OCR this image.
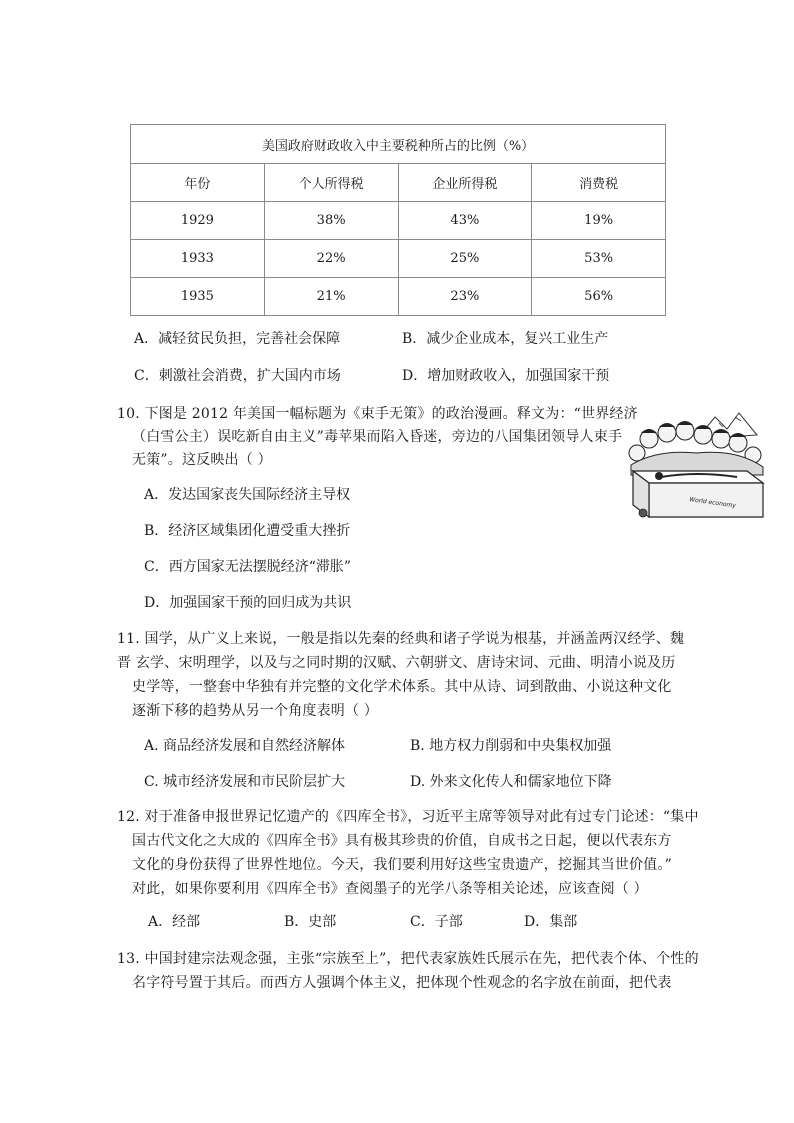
美国政府财政收入中主要税种所占的比例（%）			
年份	个人所得税	企业所得税	消费税
1929	38%	43%	19%
1933	22%	25%	53%
1935	21%	23%	56%
A．减轻贫民负担，完善社会保障	B．减少企业成本，复兴工业生产
C．刺激社会消费，扩大国内市场	D．增加财政收入，加强国家干预
10. 下图是 2012 年美国一幅标题为《束手无策》的政治漫画。释文为：“世界经济
（白雪公主）误吃新自由主义”毒苹果而陷入昏迷，旁边的八国集团领导人束手
无策”。这反映出（ ）
A．发达国家丧失国际经济主导权
B．经济区域集团化遭受重大挫折
C．西方国家无法摆脱经济“滞胀”
D．加强国家干预的回归成为共识
World economy
11. 国学，从广义上来说，一般是指以先秦的经典和诸子学说为根基，并涵盖两汉经学、魏
晋 玄学、宋明理学，以及与之同时期的汉赋、六朝骈文、唐诗宋词、元曲、明清小说及历
史学等，一整套中华独有并完整的文化学术体系。其中从诗、词到散曲、小说这种文化
逐渐下移的趋势从另一个角度表明（ ）
A. 商品经济发展和自然经济解体	B. 地方权力削弱和中央集权加强
C. 城市经济发展和市民阶层扩大	D. 外来文化传人和儒家地位下降
12. 对于准备申报世界记忆遗产的《四库全书》，习近平主席等领导对此有过专门论述：“集中
国古代文化之大成的《四库全书》具有极其珍贵的价值，自成书之日起，便以代表东方
文化的身份获得了世界性地位。今天，我们要利用好这些宝贵遗产，挖掘其当世价值。”
对此，如果你要利用《四库全书》查阅墨子的光学八条等相关论述，应该查阅（ ）
A．经部	B．史部	C．子部	D．集部
13. 中国封建宗法观念强，主张“宗族至上”，把代表家族姓氏展示在先，把代表个体、个性的
名字符号置于其后。而西方人强调个体主义，把体现个性观念的名字放在前面，把代表
